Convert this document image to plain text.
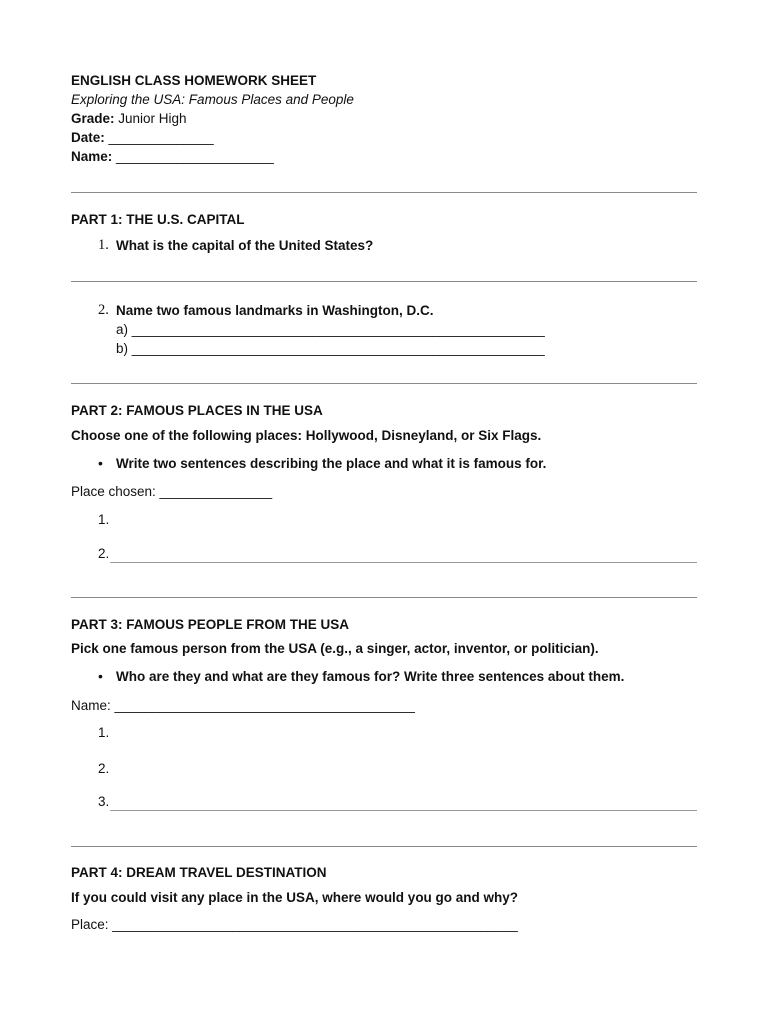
ENGLISH CLASS HOMEWORK SHEET
Exploring the USA: Famous Places and People
Grade: Junior High
Date: ______________
Name: _____________________
PART 1: THE U.S. CAPITAL
1. What is the capital of the United States?
2. Name two famous landmarks in Washington, D.C.
a) _______________________________________________________
b) _______________________________________________________
PART 2: FAMOUS PLACES IN THE USA
Choose one of the following places: Hollywood, Disneyland, or Six Flags.
• Write two sentences describing the place and what it is famous for.
Place chosen: _______________
1.
2.
PART 3: FAMOUS PEOPLE FROM THE USA
Pick one famous person from the USA (e.g., a singer, actor, inventor, or politician).
• Who are they and what are they famous for? Write three sentences about them.
Name: ________________________________________
1.
2.
3.
PART 4: DREAM TRAVEL DESTINATION
If you could visit any place in the USA, where would you go and why?
Place: ______________________________________________________
